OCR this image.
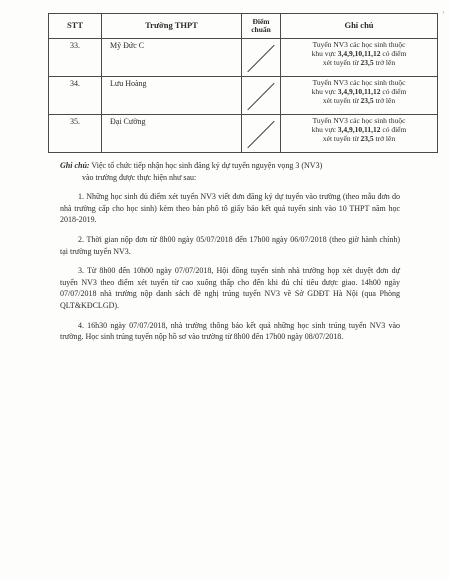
'
STT	Trường THPT	Điểm chuẩn	Ghi chú
33.	Mỹ Đức C		Tuyển NV3 các học sinh thuộc
khu vực 3,4,9,10,11,12 có điểm
xét tuyển từ 23,5 trở lên
34.	Lưu Hoàng		Tuyển NV3 các học sinh thuộc
khu vực 3,4,9,10,11,12 có điểm
xét tuyển từ 23,5 trở lên
35.	Đại Cường		Tuyển NV3 các học sinh thuộc
khu vực 3,4,9,10,11,12 có điểm
xét tuyển từ 23,5 trở lên

Ghi chú: Việc tổ chức tiếp nhận học sinh đăng ký dự tuyển nguyện vọng 3 (NV3)

vào trường được thực hiện như sau:

1. Những học sinh đủ điểm xét tuyển NV3 viết đơn đăng ký dự tuyển vào trường (theo mẫu đơn do nhà trường cấp cho học sinh) kèm theo bản phô tô giấy báo kết quả tuyển sinh vào 10 THPT năm học 2018-2019.

2. Thời gian nộp đơn từ 8h00 ngày 05/07/2018 đến 17h00 ngày 06/07/2018 (theo giờ hành chính) tại trường tuyển NV3.

3. Từ 8h00 đến 10h00 ngày 07/07/2018, Hội đồng tuyển sinh nhà trường họp xét duyệt đơn dự tuyển NV3 theo điểm xét tuyển từ cao xuống thấp cho đến khi đủ chỉ tiêu được giao. 14h00 ngày 07/07/2018 nhà trường nộp danh sách đề nghị trúng tuyển NV3 về Sở GDĐT Hà Nội (qua Phòng QLT&KĐCLGD).

4. 16h30 ngày 07/07/2018, nhà trường thông báo kết quả những học sinh trúng tuyển NV3 vào trường. Học sinh trúng tuyển nộp hồ sơ vào trường từ 8h00 đến 17h00 ngày 08/07/2018.
